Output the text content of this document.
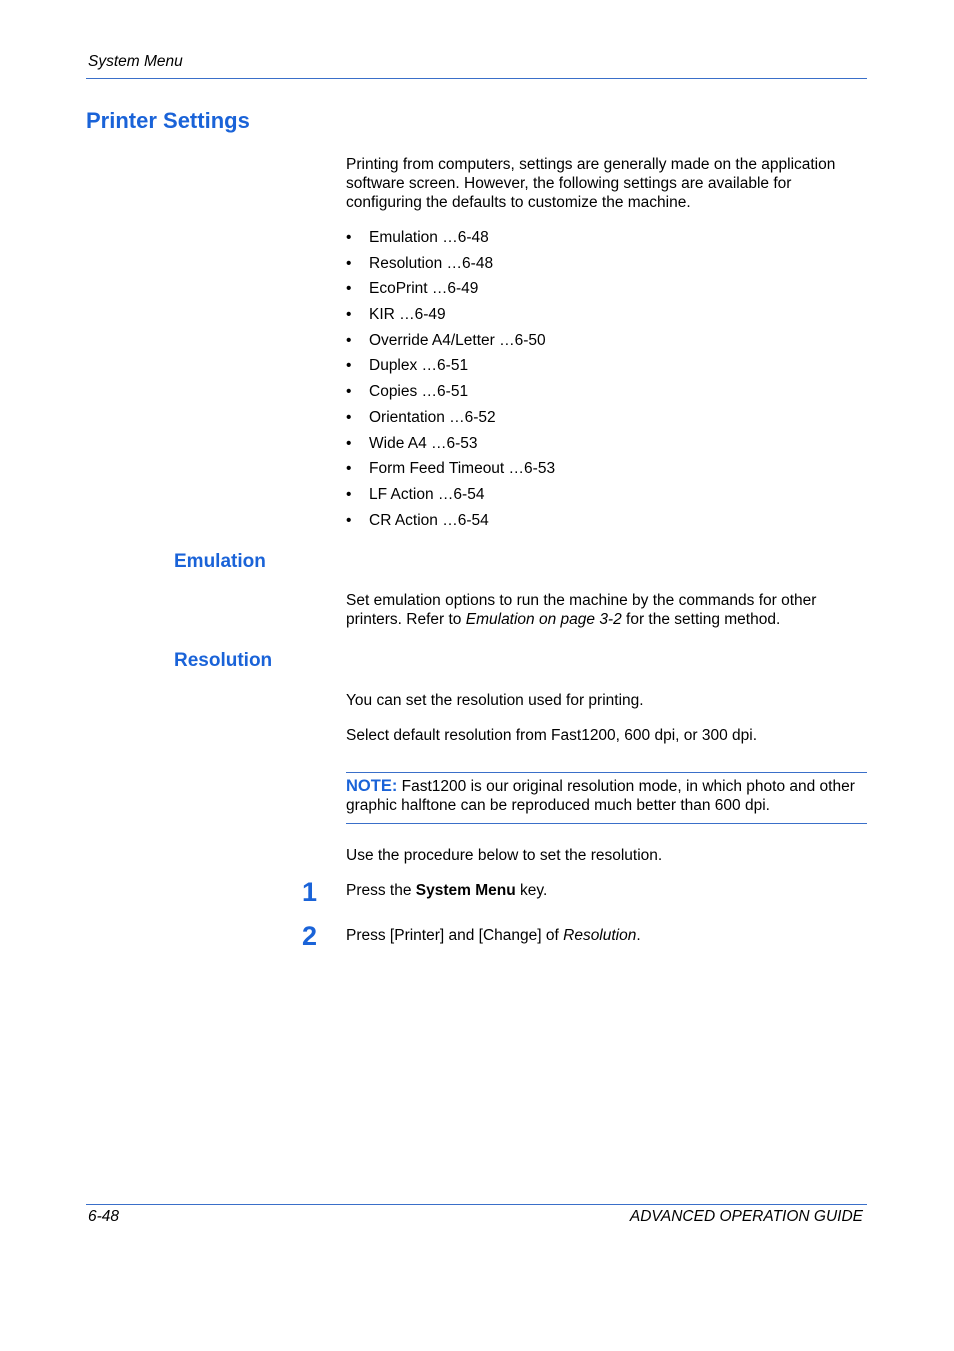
System Menu
Printer Settings
Printing from computers, settings are generally made on the application software screen. However, the following settings are available for configuring the defaults to customize the machine.
• Emulation …6-48
• Resolution …6-48
• EcoPrint …6-49
• KIR …6-49
• Override A4/Letter …6-50
• Duplex …6-51
• Copies …6-51
• Orientation …6-52
• Wide A4 …6-53
• Form Feed Timeout …6-53
• LF Action …6-54
• CR Action …6-54
Emulation
Set emulation options to run the machine by the commands for other printers. Refer to Emulation on page 3-2 for the setting method.
Resolution
You can set the resolution used for printing.
Select default resolution from Fast1200, 600 dpi, or 300 dpi.
NOTE: Fast1200 is our original resolution mode, in which photo and other graphic halftone can be reproduced much better than 600 dpi.
Use the procedure below to set the resolution.
1 Press the System Menu key.
2 Press [Printer] and [Change] of Resolution.
6-48	ADVANCED OPERATION GUIDE
